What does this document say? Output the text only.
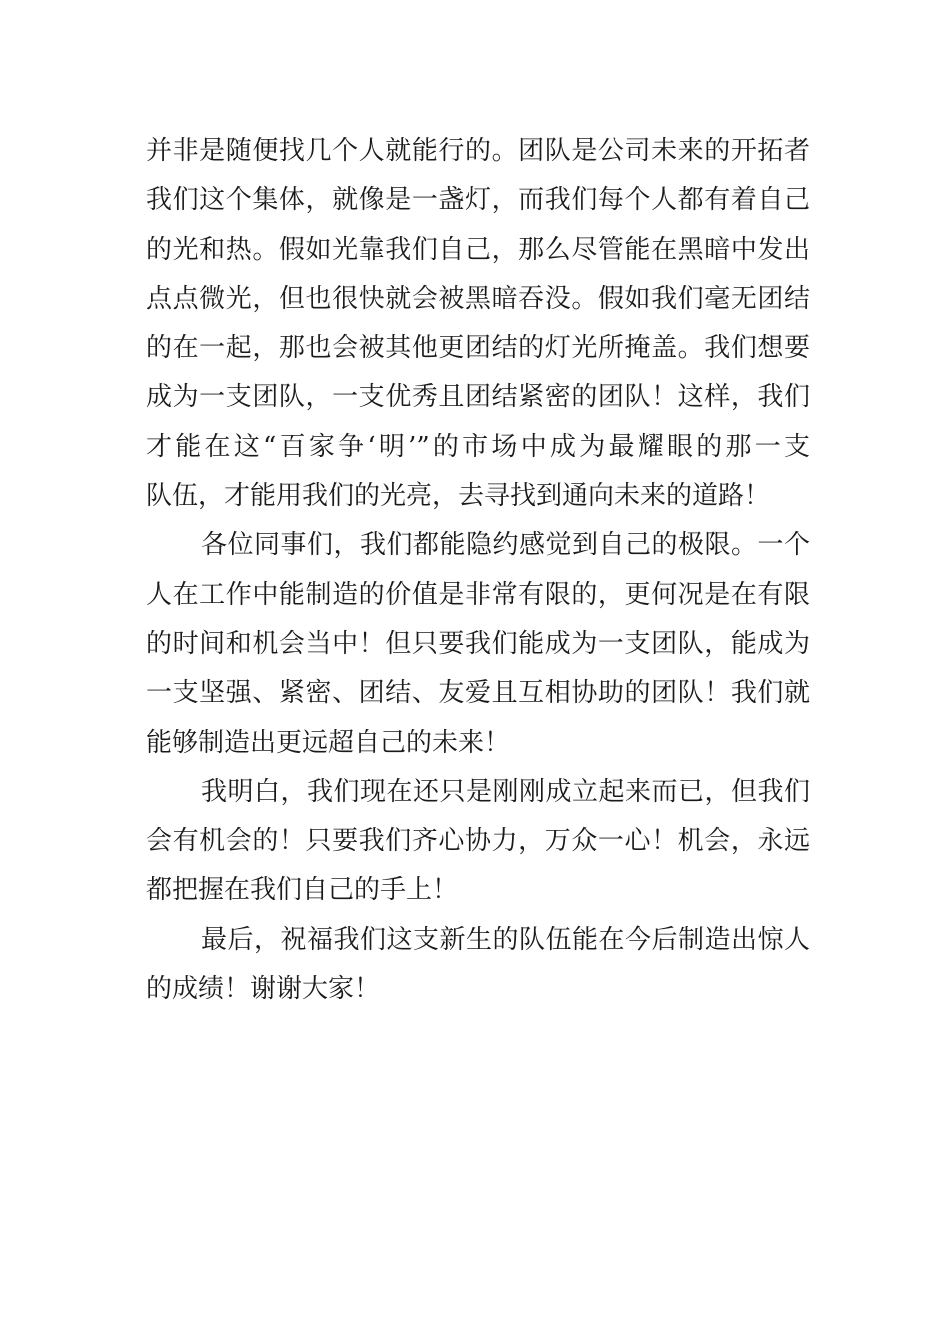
并非是随便找几个人就能行的。团队是公司未来的开拓者
我们这个集体，就像是一盏灯，而我们每个人都有着自己
的光和热。假如光靠我们自己，那么尽管能在黑暗中发出
点点微光，但也很快就会被黑暗吞没。假如我们毫无团结
的在一起，那也会被其他更团结的灯光所掩盖。我们想要
成为一支团队，一支优秀且团结紧密的团队！这样，我们
才能在这“百家争‘明’”的市场中成为最耀眼的那一支
队伍，才能用我们的光亮，去寻找到通向未来的道路！
各位同事们，我们都能隐约感觉到自己的极限。一个
人在工作中能制造的价值是非常有限的，更何况是在有限
的时间和机会当中！但只要我们能成为一支团队，能成为
一支坚强、紧密、团结、友爱且互相协助的团队！我们就
能够制造出更远超自己的未来！
我明白，我们现在还只是刚刚成立起来而已，但我们
会有机会的！只要我们齐心协力，万众一心！机会，永远
都把握在我们自己的手上！
最后，祝福我们这支新生的队伍能在今后制造出惊人
的成绩！谢谢大家！
